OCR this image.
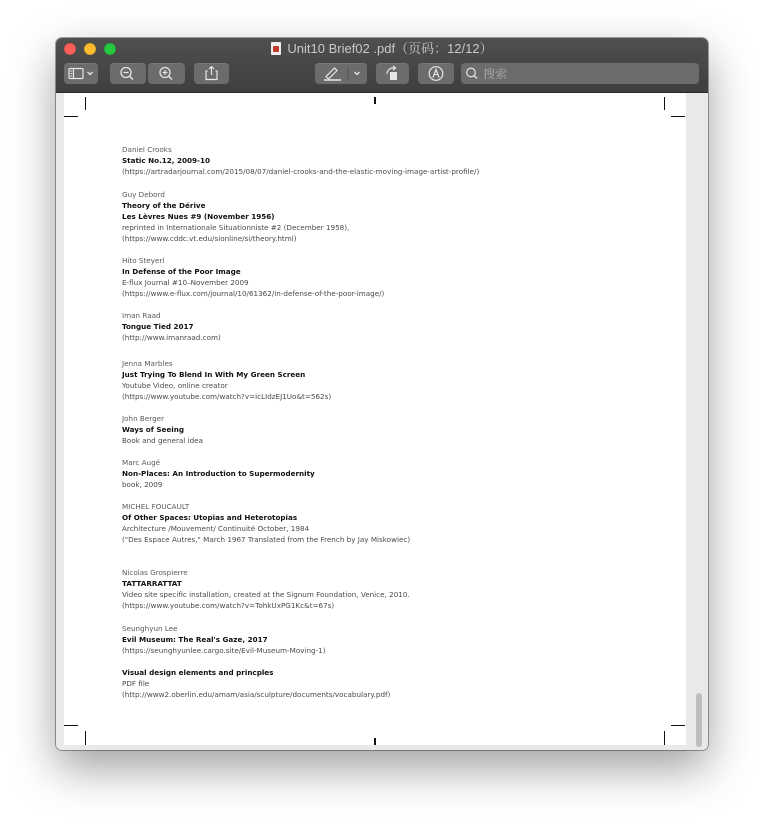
Unit10 Brief02 .pdf（页码：12/12）
搜索
Daniel Crooks
Static No.12, 2009-10
(https://artradarjournal.com/2015/08/07/daniel-crooks-and-the-elastic-moving-image-artist-profile/)
Guy Debord
Theory of the Dérive
Les Lèvres Nues #9 (November 1956)
reprinted in Internationale Situationniste #2 (December 1958),
(https://www.cddc.vt.edu/sionline/si/theory.html)
Hito Steyerl
In Defense of the Poor Image
E-flux Journal #10–November 2009
(https://www.e-flux.com/journal/10/61362/in-defense-of-the-poor-image/)
Iman Raad
Tongue Tied 2017
(http://www.imanraad.com)
Jenna Marbles
Just Trying To Blend In With My Green Screen
Youtube Video, online creator
(https://www.youtube.com/watch?v=icLIdzEJ1Uo&t=562s)
John Berger
Ways of Seeing
Book and general idea
Marc Augé
Non-Places: An Introduction to Supermodernity
book, 2009
MICHEL FOUCAULT
Of Other Spaces: Utopias and Heterotopias
Architecture /Mouvement/ Continuité October, 1984
("Des Espace Autres," March 1967 Translated from the French by Jay Miskowiec)
Nicolas Grospierre
TATTARRATTAT
Video site specific installation, created at the Signum Foundation, Venice, 2010.
(https://www.youtube.com/watch?v=TohkUxPG1Kc&t=67s)
Seunghyun Lee
Evil Museum: The Real's Gaze, 2017
(https://seunghyunlee.cargo.site/Evil-Museum-Moving-1)
Visual design elements and princples
PDF file
(http://www2.oberlin.edu/amam/asia/sculpture/documents/vocabulary.pdf)
